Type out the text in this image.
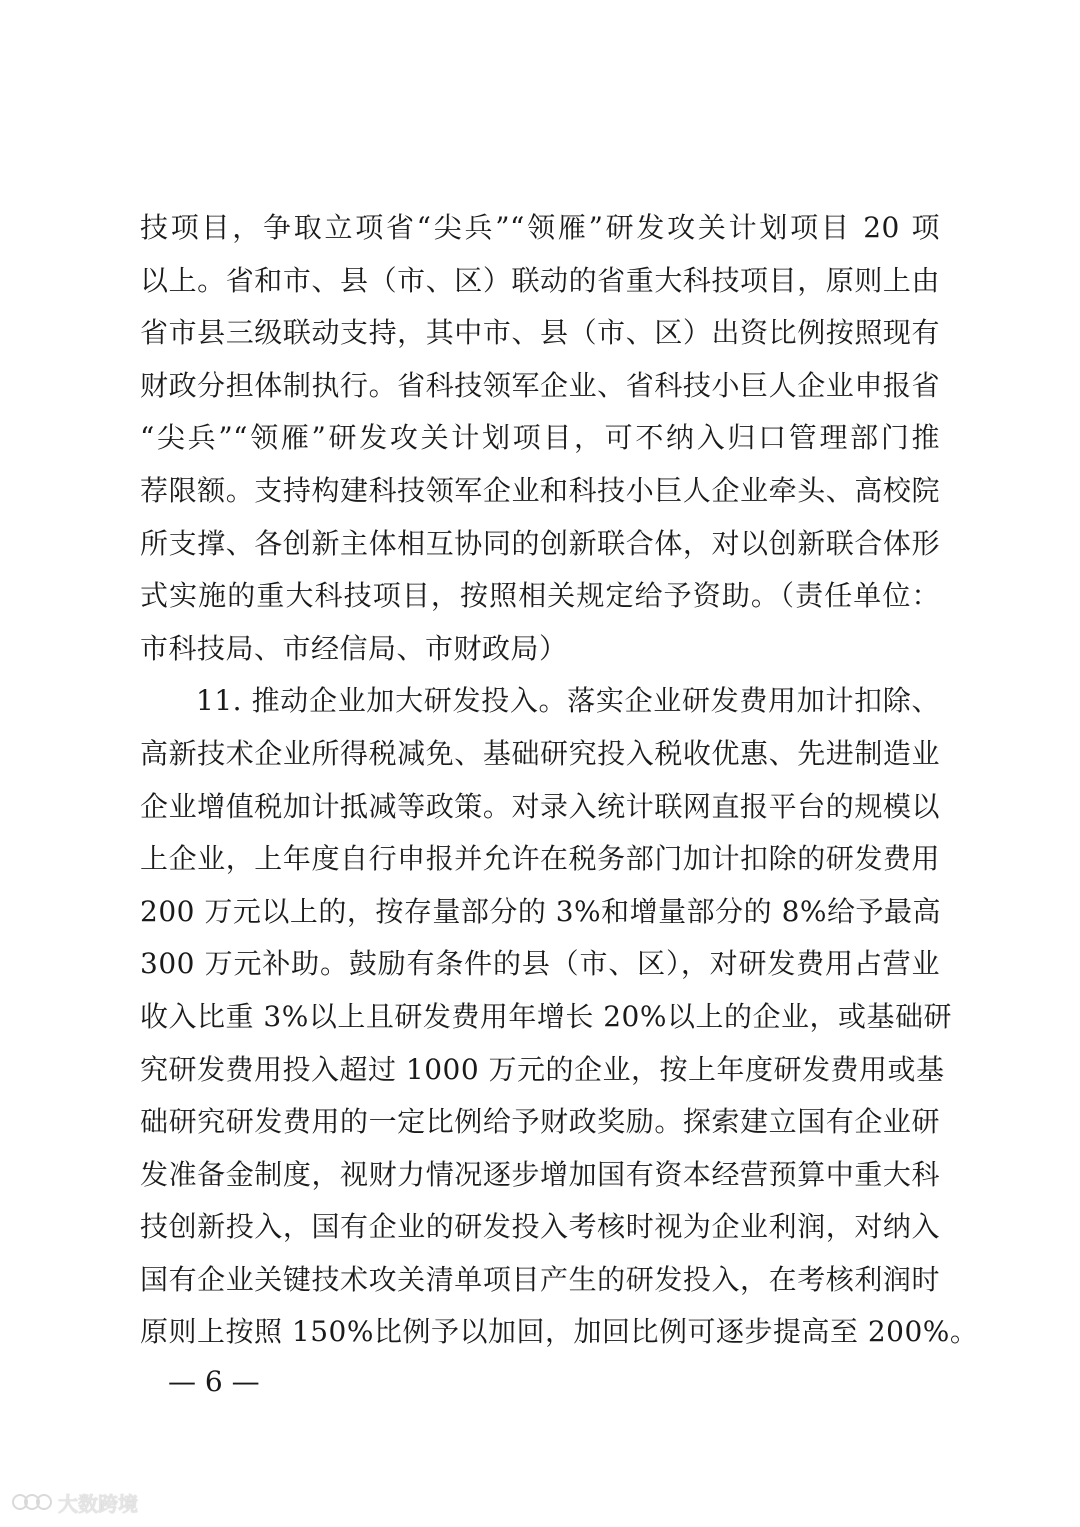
技项目，争取立项省“尖兵”“领雁”研发攻关计划项目 20 项
以上。省和市、县（市、区）联动的省重大科技项目，原则上由
省市县三级联动支持，其中市、县（市、区）出资比例按照现有
财政分担体制执行。省科技领军企业、省科技小巨人企业申报省
“尖兵”“领雁”研发攻关计划项目，可不纳入归口管理部门推
荐限额。支持构建科技领军企业和科技小巨人企业牵头、高校院
所支撑、各创新主体相互协同的创新联合体，对以创新联合体形
式实施的重大科技项目，按照相关规定给予资助。（责任单位：
市科技局、市经信局、市财政局）
11. 推动企业加大研发投入。落实企业研发费用加计扣除、
高新技术企业所得税减免、基础研究投入税收优惠、先进制造业
企业增值税加计抵减等政策。对录入统计联网直报平台的规模以
上企业，上年度自行申报并允许在税务部门加计扣除的研发费用
200 万元以上的，按存量部分的 3%和增量部分的 8%给予最高
300 万元补助。鼓励有条件的县（市、区），对研发费用占营业
收入比重 3%以上且研发费用年增长 20%以上的企业，或基础研
究研发费用投入超过 1000 万元的企业，按上年度研发费用或基
础研究研发费用的一定比例给予财政奖励。探索建立国有企业研
发准备金制度，视财力情况逐步增加国有资本经营预算中重大科
技创新投入，国有企业的研发投入考核时视为企业利润，对纳入
国有企业关键技术攻关清单项目产生的研发投入，在考核利润时
原则上按照 150%比例予以加回，加回比例可逐步提高至 200%。
— 6 —
大数跨境
